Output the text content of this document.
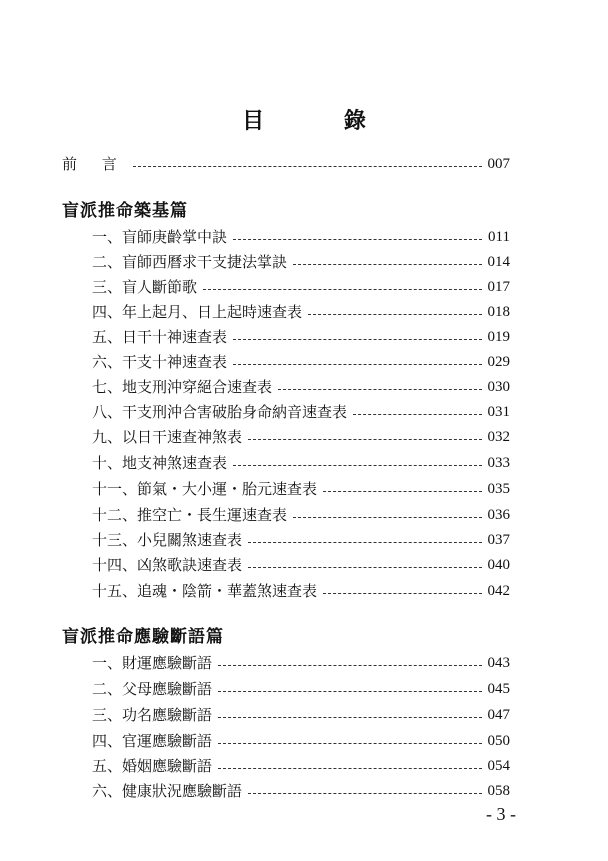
目 錄
前 言	007
盲派推命築基篇
一、盲師庚齡掌中訣	011
二、盲師西曆求干支捷法掌訣	014
三、盲人斷節歌	017
四、年上起月、日上起時速查表	018
五、日干十神速查表	019
六、干支十神速查表	029
七、地支刑沖穿絕合速查表	030
八、干支刑沖合害破胎身命納音速查表	031
九、以日干速查神煞表	032
十、地支神煞速查表	033
十一、節氣・大小運・胎元速查表	035
十二、推空亡・長生運速查表	036
十三、小兒關煞速查表	037
十四、凶煞歌訣速查表	040
十五、追魂・陰箭・華蓋煞速查表	042
盲派推命應驗斷語篇
一、財運應驗斷語	043
二、父母應驗斷語	045
三、功名應驗斷語	047
四、官運應驗斷語	050
五、婚姻應驗斷語	054
六、健康狀況應驗斷語	058
- 3 -
